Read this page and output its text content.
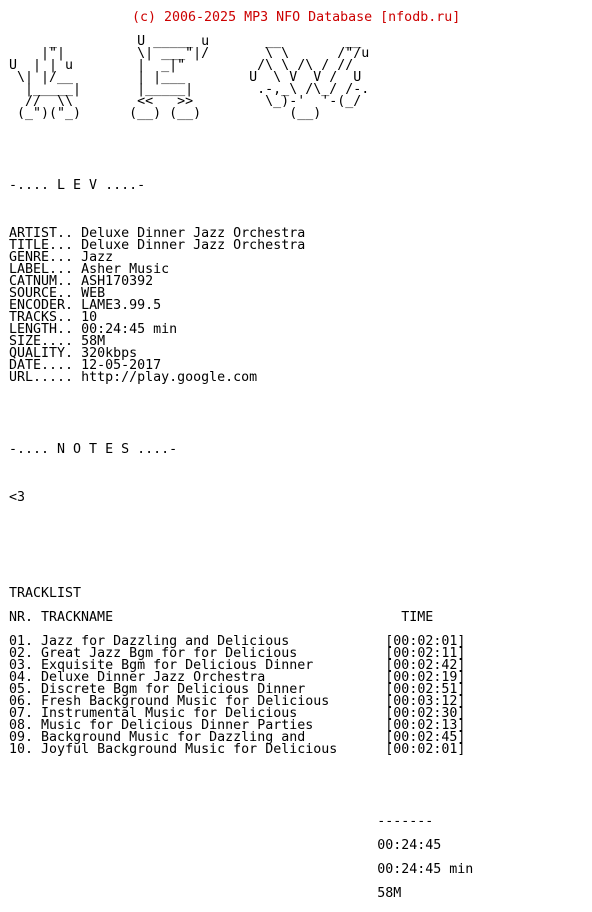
(c) 2006-2025 MP3 NFO Database [nfodb.ru]

_          U _____ u       __        __
|"|         \| ___"|/       \ \      /"/u
U  | | u        |  _|"         /\ \ /\ / //
\| |/__        | |___        U  \ V  V /  U
|_____|       |_____|        .-,_\ /\_/ /-.
//  \\        <<   >>         \_)-'  '-(_/
(_")("_)      (__) (__)           (__)

-.... L E V ....-

ARTIST.. Deluxe Dinner Jazz Orchestra
TITLE... Deluxe Dinner Jazz Orchestra
GENRE... Jazz
LABEL... Asher Music
CATNUM.. ASH170392
SOURCE.. WEB
ENCODER. LAME3.99.5
TRACKS.. 10
LENGTH.. 00:24:45 min
SIZE.... 58M
QUALITY. 320kbps
DATE.... 12-05-2017
URL..... http://play.google.com

-.... N O T E S ....-

<3

TRACKLIST

NR. TRACKNAME                                    TIME

01. Jazz for Dazzling and Delicious	[00:02:01]
02. Great Jazz Bgm for for Delicious	[00:02:11]
03. Exquisite Bgm for Delicious Dinner	[00:02:42]
04. Deluxe Dinner Jazz Orchestra	[00:02:19]
05. Discrete Bgm for Delicious Dinner	[00:02:51]
06. Fresh Background Music for Delicious	[00:03:12]
07. Instrumental Music for Delicious	[00:02:30]
08. Music for Delicious Dinner Parties	[00:02:13]
09. Background Music for Dazzling and	[00:02:45]
10. Joyful Background Music for Delicious	[00:02:01]

-------

00:24:45

00:24:45 min

58M
